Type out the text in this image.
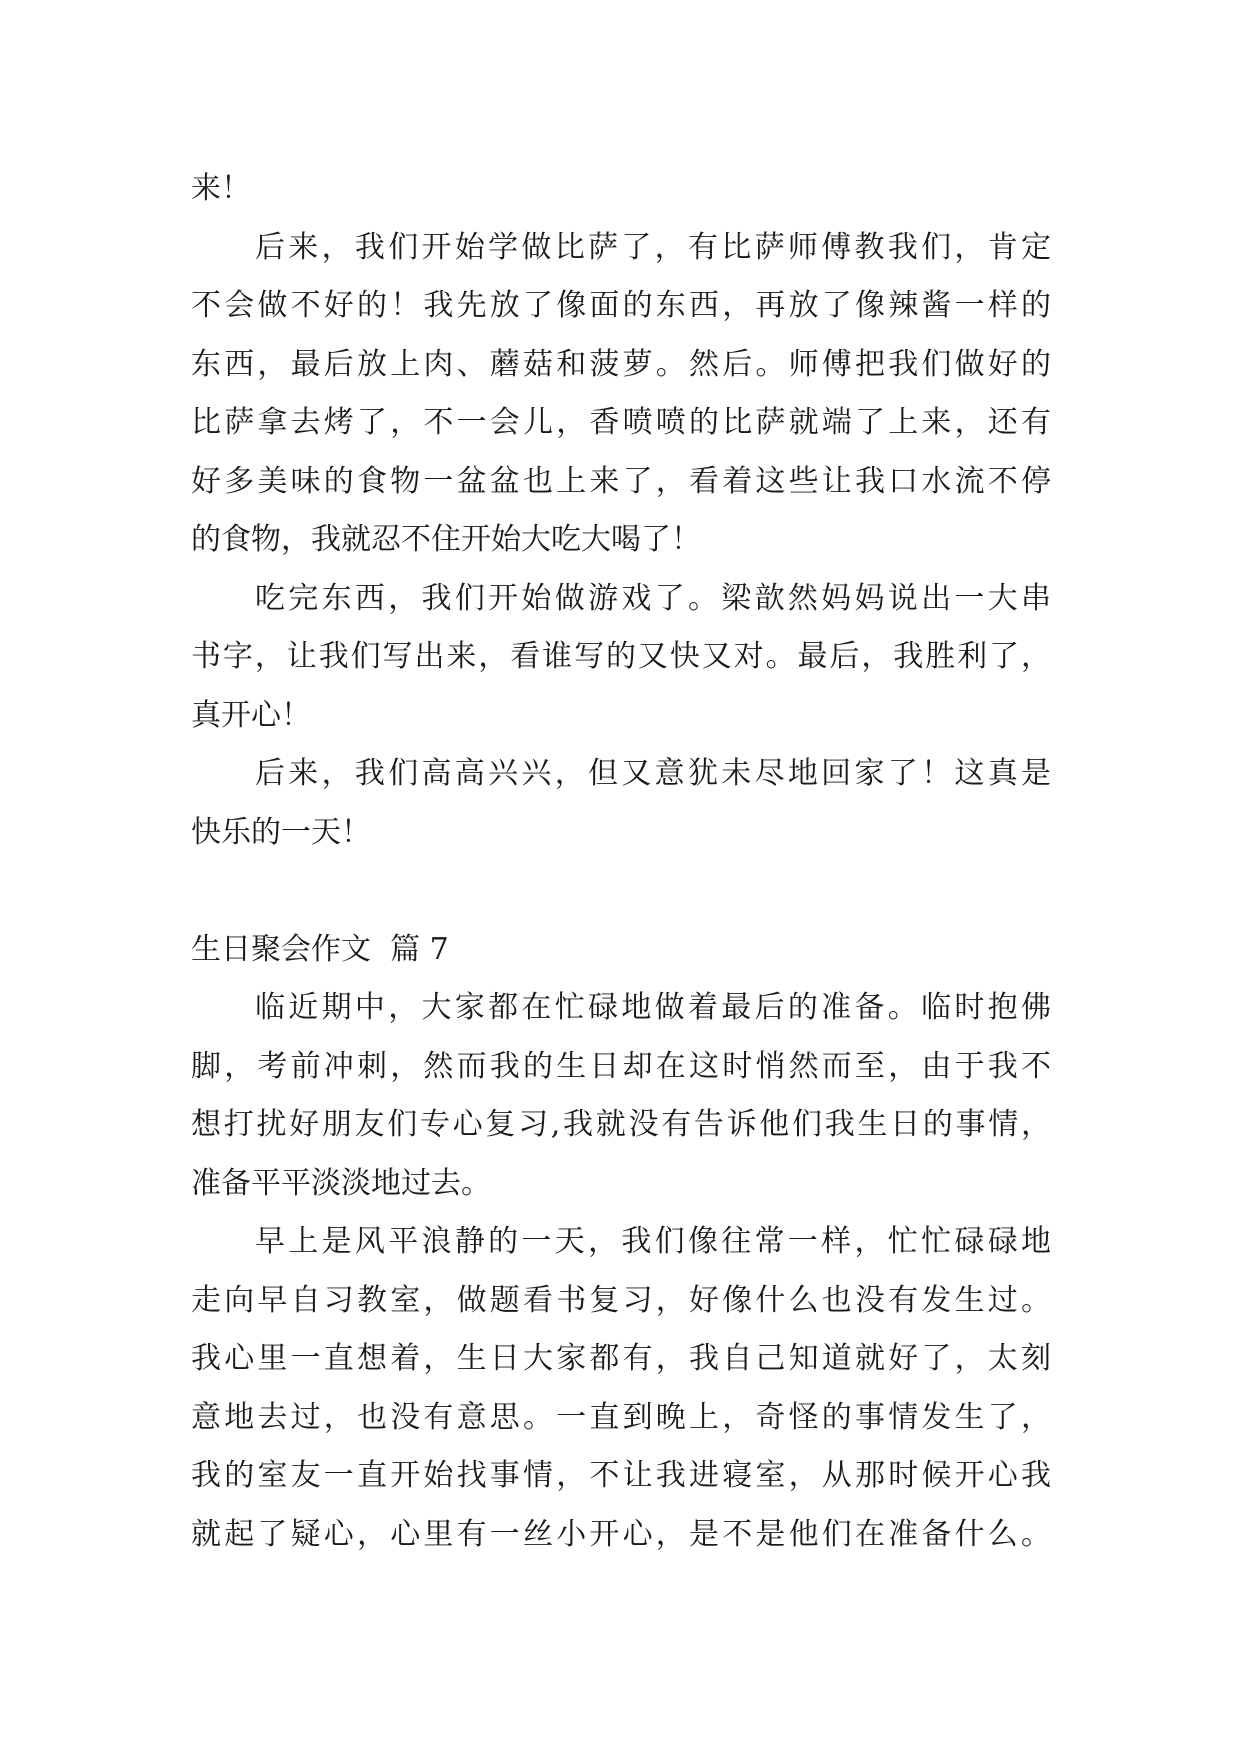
来！
后来，我们开始学做比萨了，有比萨师傅教我们，肯定
不会做不好的！我先放了像面的东西，再放了像辣酱一样的
东西，最后放上肉、蘑菇和菠萝。然后。师傅把我们做好的
比萨拿去烤了，不一会儿，香喷喷的比萨就端了上来，还有
好多美味的食物一盆盆也上来了，看着这些让我口水流不停
的食物，我就忍不住开始大吃大喝了！
吃完东西，我们开始做游戏了。梁歆然妈妈说出一大串
书字，让我们写出来，看谁写的又快又对。最后，我胜利了，
真开心！
后来，我们高高兴兴，但又意犹未尽地回家了！这真是
快乐的一天！
生日聚会作文  篇 7
临近期中，大家都在忙碌地做着最后的准备。临时抱佛
脚，考前冲刺，然而我的生日却在这时悄然而至，由于我不
想打扰好朋友们专心复习,我就没有告诉他们我生日的事情，
准备平平淡淡地过去。
早上是风平浪静的一天，我们像往常一样，忙忙碌碌地
走向早自习教室，做题看书复习，好像什么也没有发生过。
我心里一直想着，生日大家都有，我自己知道就好了，太刻
意地去过，也没有意思。一直到晚上，奇怪的事情发生了，
我的室友一直开始找事情，不让我进寝室，从那时候开心我
就起了疑心，心里有一丝小开心，是不是他们在准备什么。
